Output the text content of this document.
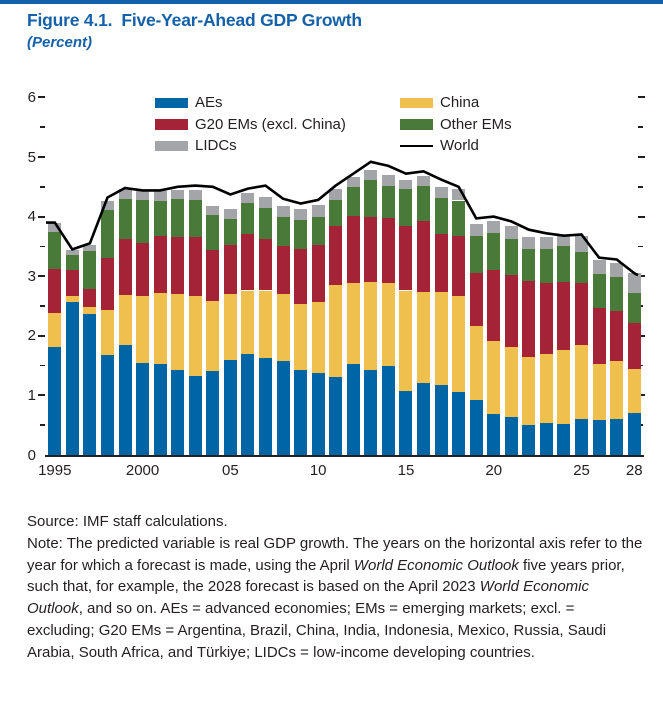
Figure 4.1. Five-Year-Ahead GDP Growth
(Percent)
0
1
2
3
4
5
6
1995	2000	05	10	15	20	25 28
AEs
G20 EMs (excl. China)
LIDCs
China
Other EMs
World
Source: IMF staff calculations.
Note: The predicted variable is real GDP growth. The years on the horizontal axis refer to the year for which a forecast is made, using the April World Economic Outlook five years prior, such that, for example, the 2028 forecast is based on the April 2023 World Economic Outlook, and so on. AEs = advanced economies; EMs = emerging markets; excl. = excluding; G20 EMs = Argentina, Brazil, China, India, Indonesia, Mexico, Russia, Saudi Arabia, South Africa, and Türkiye; LIDCs = low-income developing countries.
